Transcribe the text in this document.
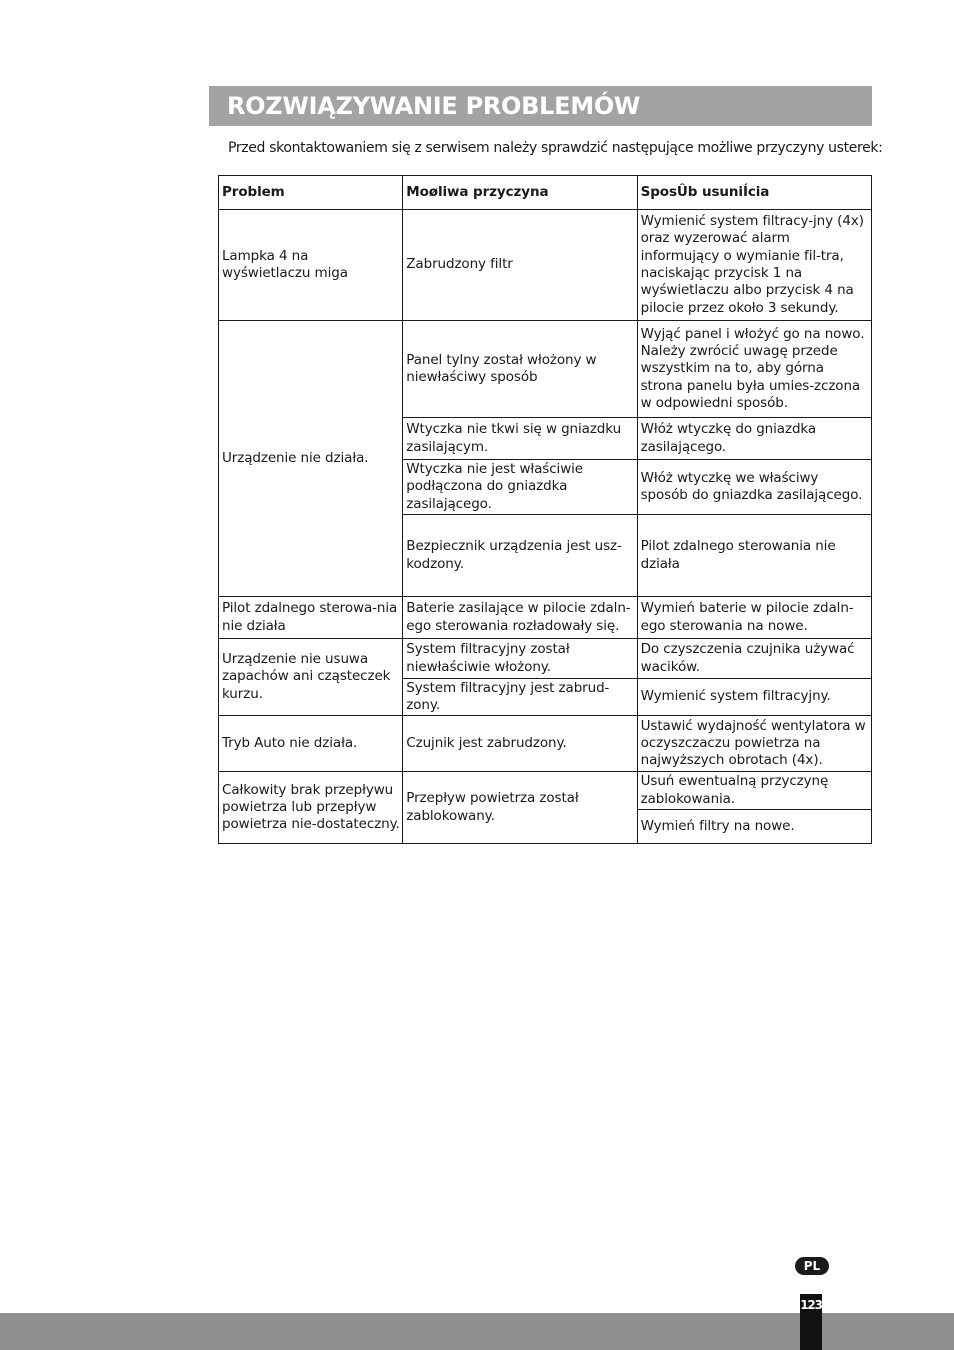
ROZWIĄZYWANIE PROBLEMÓW
Przed skontaktowaniem się z serwisem należy sprawdzić następujące możliwe przyczyny usterek:
Problem	Moøliwa przyczyna	SposÛb usuniÍcia
Lampka 4 na wyświetlaczu miga	Zabrudzony filtr	Wymienić system filtracy-jny (4x) oraz wyzerować alarm informujący o wymianie fil-tra, naciskając przycisk 1 na wyświetlaczu albo przycisk 4 na pilocie przez około 3 sekundy.
Urządzenie nie działa.	Panel tylny został włożony w niewłaściwy sposób	Wyjąć panel i włożyć go na nowo. Należy zwrócić uwagę przede wszystkim na to, aby górna strona panelu była umies-zczona w odpowiedni sposób.
	Wtyczka nie tkwi się w gniazdku zasilającym.	Włóż wtyczkę do gniazdka zasilającego.
	Wtyczka nie jest właściwie podłączona do gniazdka zasilającego.	Włóż wtyczkę we właściwy sposób do gniazdka zasilającego.
	Bezpiecznik urządzenia jest usz-kodzony.	Pilot zdalnego sterowania nie działa
Pilot zdalnego sterowa-nia nie działa	Baterie zasilające w pilocie zdaln-ego sterowania rozładowały się.	Wymień baterie w pilocie zdaln-ego sterowania na nowe.
Urządzenie nie usuwa zapachów ani cząsteczek kurzu.	System filtracyjny został niewłaściwie włożony.	Do czyszczenia czujnika używać wacików.
	System filtracyjny jest zabrud-zony.	Wymienić system filtracyjny.
Tryb Auto nie działa.	Czujnik jest zabrudzony.	Ustawić wydajność wentylatora w oczyszczaczu powietrza na najwyższych obrotach (4x).
Całkowity brak przepływu powietrza lub przepływ powietrza nie-dostateczny.	Przepływ powietrza został zablokowany.	Usuń ewentualną przyczynę zablokowania.
		Wymień filtry na nowe.
PL
123
